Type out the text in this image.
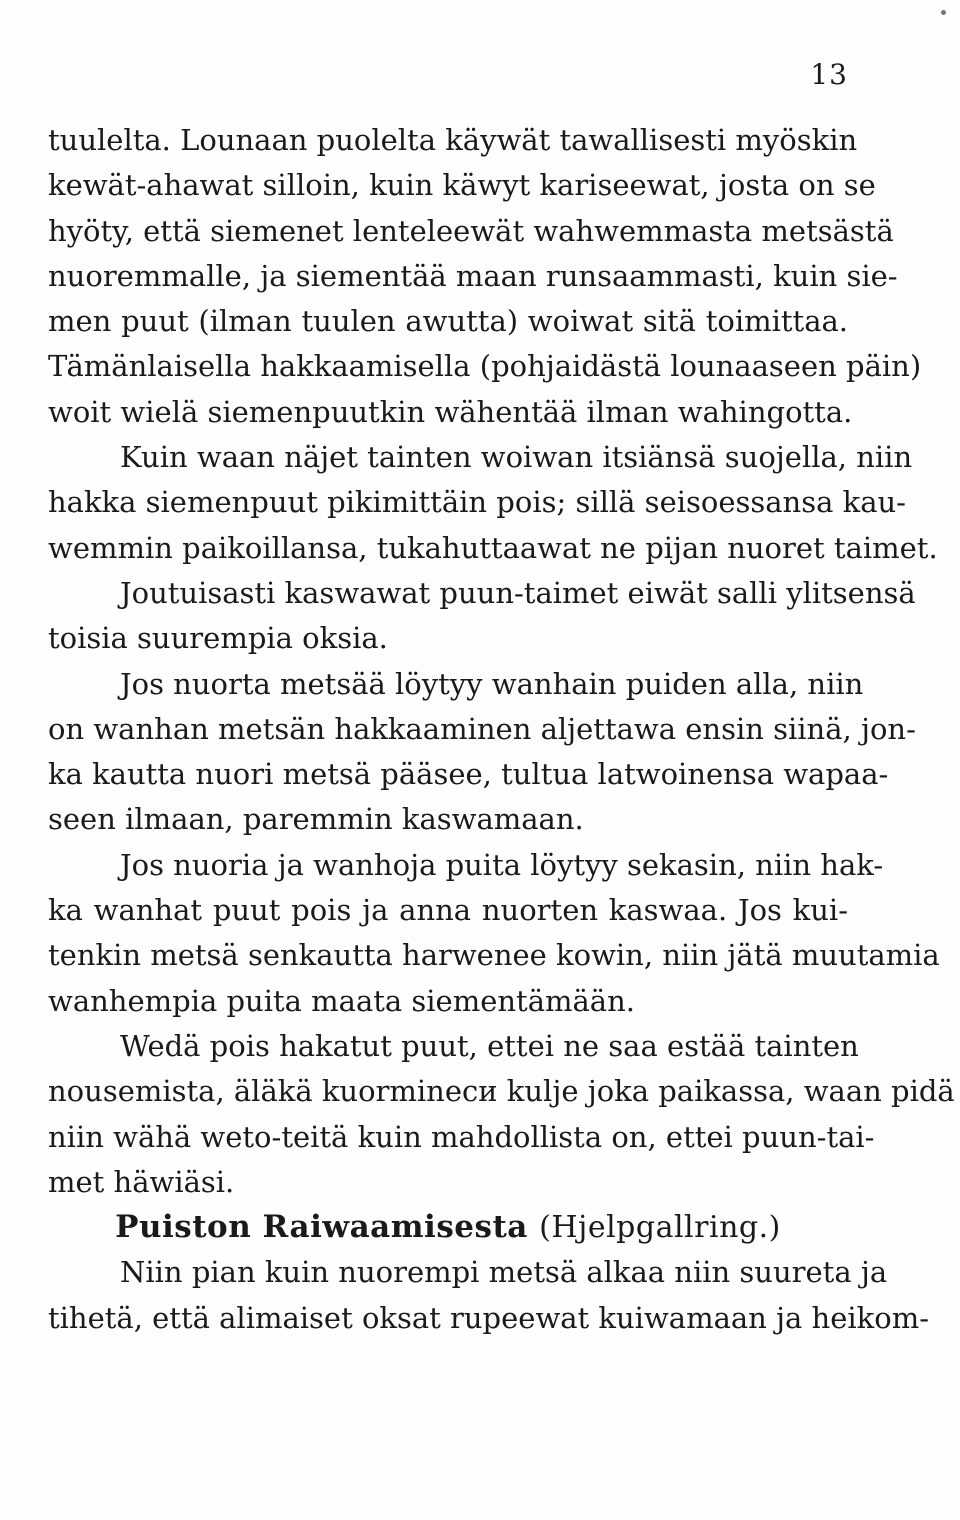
13
tuulelta. Lounaan puolelta käywät tawallisesti myöskin
kewät-ahawat silloin, kuin käwyt kariseewat, josta on se
hyöty, että siemenet lenteleewät wahwemmasta metsästä
nuoremmalle, ja siementää maan runsaammasti, kuin sie-
men puut (ilman tuulen awutta) woiwat sitä toimittaa.
Tämänlaisella hakkaamisella (pohjaidästä lounaaseen päin)
woit wielä siemenpuutkin wähentää ilman wahingotta.
Kuin waan näjet tainten woiwan itsiänsä suojella, niin
hakka siemenpuut pikimittäin pois; sillä seisoessansa kau-
wemmin paikoillansa, tukahuttaawat ne pijan nuoret taimet.
Joutuisasti kaswawat puun-taimet eiwät salli ylitsensä
toisia suurempia oksia.
Jos nuorta metsää löytyy wanhain puiden alla, niin
on wanhan metsän hakkaaminen aljettawa ensin siinä, jon-
ka kautta nuori metsä pääsee, tultua latwoinensa wapaa-
seen ilmaan, paremmin kaswamaan.
Jos nuoria ja wanhoja puita löytyy sekasin, niin hak-
ka wanhat puut pois ja anna nuorten kaswaa. Jos kui-
tenkin metsä senkautta harwenee kowin, niin jätä muutamia
wanhempia puita maata siementämään.
Wedä pois hakatut puut, ettei ne saa estää tainten
nousemista, äläkä kuormineси kulje joka paikassa, waan pidä
niin wähä weto-teitä kuin mahdollista on, ettei puun-tai-
met häwiäsi.
Puiston Raiwaamisesta (Hjelpgallring.)
Niin pian kuin nuorempi metsä alkaa niin suureta ja
tihetä, että alimaiset oksat rupeewat kuiwamaan ja heikom-
